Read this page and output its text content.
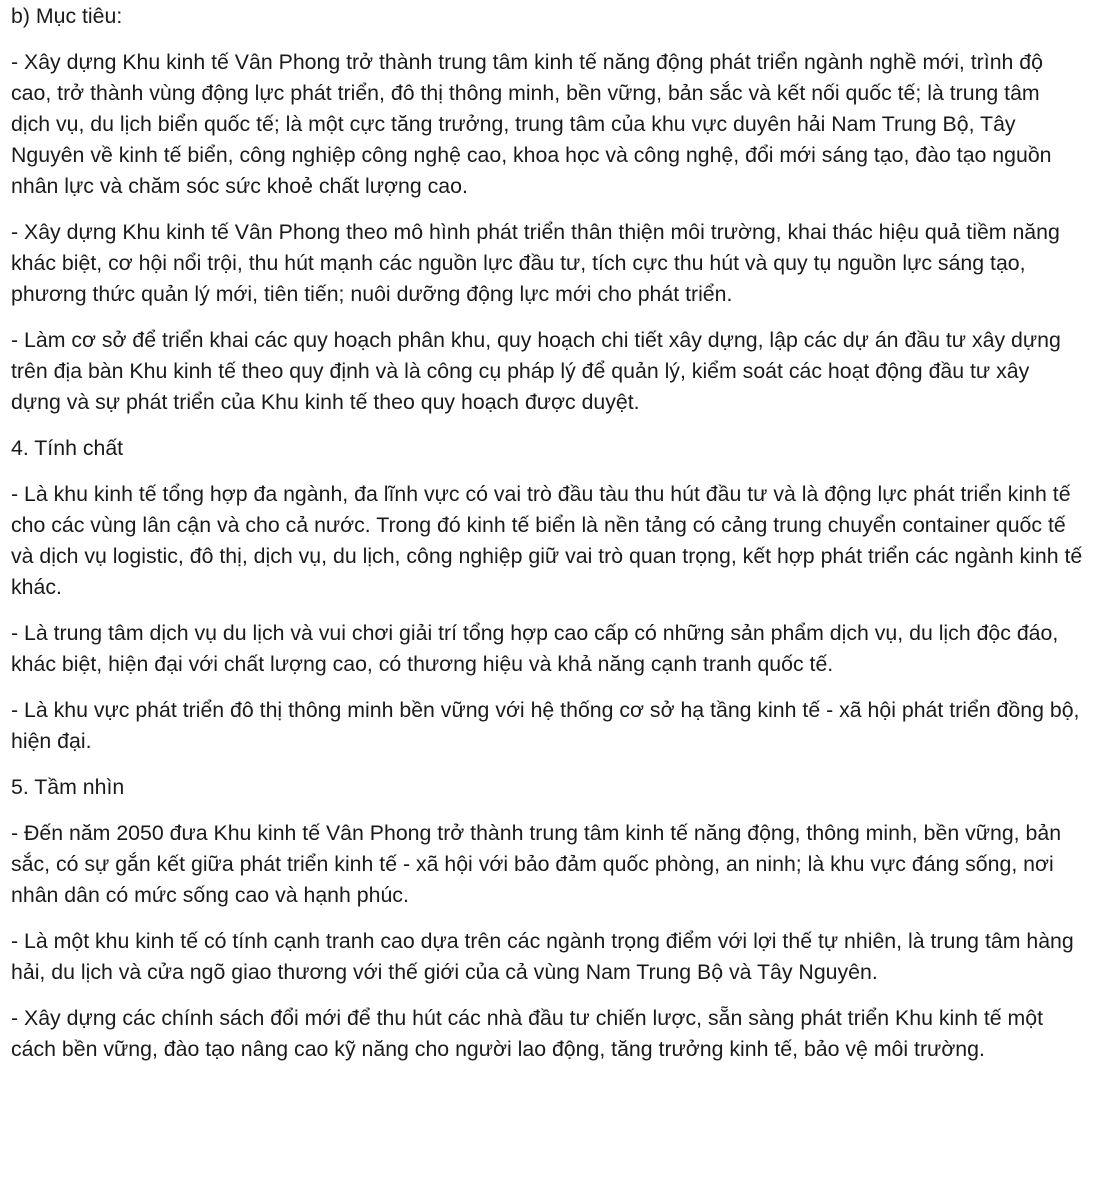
b) Mục tiêu:

- Xây dựng Khu kinh tế Vân Phong trở thành trung tâm kinh tế năng động phát triển ngành nghề mới, trình độ cao, trở thành vùng động lực phát triển, đô thị thông minh, bền vững, bản sắc và kết nối quốc tế; là trung tâm dịch vụ, du lịch biển quốc tế; là một cực tăng trưởng, trung tâm của khu vực duyên hải Nam Trung Bộ, Tây Nguyên về kinh tế biển, công nghiệp công nghệ cao, khoa học và công nghệ, đổi mới sáng tạo, đào tạo nguồn nhân lực và chăm sóc sức khoẻ chất lượng cao.

- Xây dựng Khu kinh tế Vân Phong theo mô hình phát triển thân thiện môi trường, khai thác hiệu quả tiềm năng khác biệt, cơ hội nổi trội, thu hút mạnh các nguồn lực đầu tư, tích cực thu hút và quy tụ nguồn lực sáng tạo, phương thức quản lý mới, tiên tiến; nuôi dưỡng động lực mới cho phát triển.

- Làm cơ sở để triển khai các quy hoạch phân khu, quy hoạch chi tiết xây dựng, lập các dự án đầu tư xây dựng trên địa bàn Khu kinh tế theo quy định và là công cụ pháp lý để quản lý, kiểm soát các hoạt động đầu tư xây dựng và sự phát triển của Khu kinh tế theo quy hoạch được duyệt.

4. Tính chất

- Là khu kinh tế tổng hợp đa ngành, đa lĩnh vực có vai trò đầu tàu thu hút đầu tư và là động lực phát triển kinh tế cho các vùng lân cận và cho cả nước. Trong đó kinh tế biển là nền tảng có cảng trung chuyển container quốc tế và dịch vụ logistic, đô thị, dịch vụ, du lịch, công nghiệp giữ vai trò quan trọng, kết hợp phát triển các ngành kinh tế khác.

- Là trung tâm dịch vụ du lịch và vui chơi giải trí tổng hợp cao cấp có những sản phẩm dịch vụ, du lịch độc đáo, khác biệt, hiện đại với chất lượng cao, có thương hiệu và khả năng cạnh tranh quốc tế.

- Là khu vực phát triển đô thị thông minh bền vững với hệ thống cơ sở hạ tầng kinh tế - xã hội phát triển đồng bộ, hiện đại.

5. Tầm nhìn

- Đến năm 2050 đưa Khu kinh tế Vân Phong trở thành trung tâm kinh tế năng động, thông minh, bền vững, bản sắc, có sự gắn kết giữa phát triển kinh tế - xã hội với bảo đảm quốc phòng, an ninh; là khu vực đáng sống, nơi nhân dân có mức sống cao và hạnh phúc.

- Là một khu kinh tế có tính cạnh tranh cao dựa trên các ngành trọng điểm với lợi thế tự nhiên, là trung tâm hàng hải, du lịch và cửa ngõ giao thương với thế giới của cả vùng Nam Trung Bộ và Tây Nguyên.

- Xây dựng các chính sách đổi mới để thu hút các nhà đầu tư chiến lược, sẵn sàng phát triển Khu kinh tế một cách bền vững, đào tạo nâng cao kỹ năng cho người lao động, tăng trưởng kinh tế, bảo vệ môi trường.
